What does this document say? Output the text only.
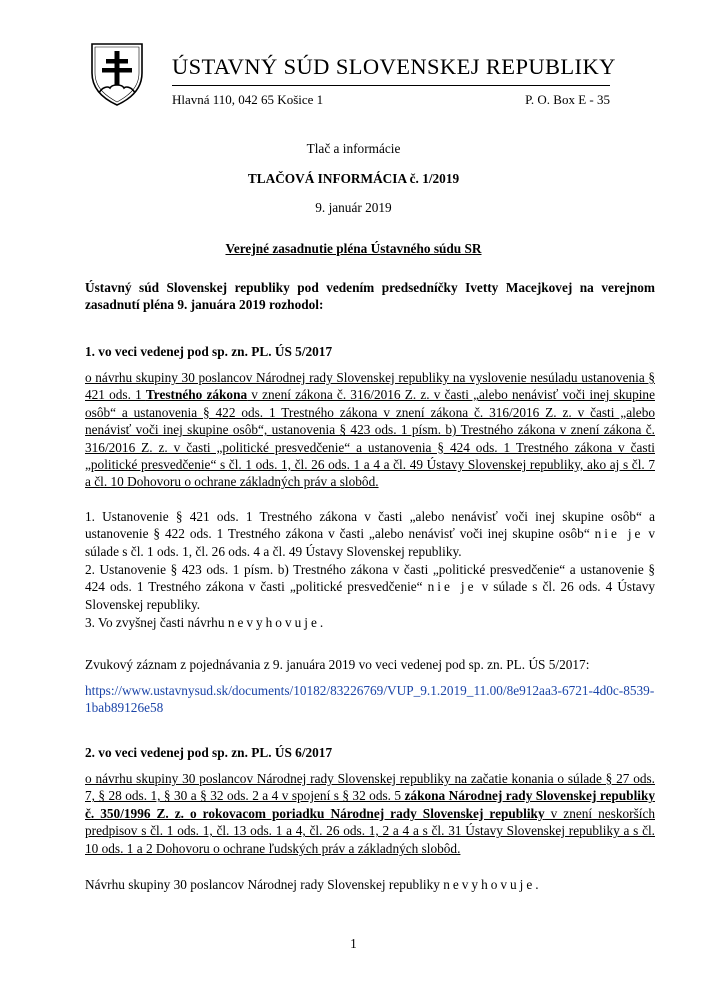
ÚSTAVNÝ SÚD SLOVENSKEJ REPUBLIKY
Hlavná 110, 042 65 Košice 1	P. O. Box E - 35
Tlač a informácie
TLAČOVÁ INFORMÁCIA č. 1/2019
9. január 2019
Verejné zasadnutie pléna Ústavného súdu SR
Ústavný súd Slovenskej republiky pod vedením predsedníčky Ivetty Macejkovej na verejnom zasadnutí pléna 9. januára 2019 rozhodol:
1. vo veci vedenej pod sp. zn. PL. ÚS 5/2017
o návrhu skupiny 30 poslancov Národnej rady Slovenskej republiky na vyslovenie nesúladu ustanovenia § 421 ods. 1 Trestného zákona v znení zákona č. 316/2016 Z. z. v časti „alebo nenávisť voči inej skupine osôb“ a ustanovenia § 422 ods. 1 Trestného zákona v znení zákona č. 316/2016 Z. z. v časti „alebo nenávisť voči inej skupine osôb“, ustanovenia § 423 ods. 1 písm. b) Trestného zákona v znení zákona č. 316/2016 Z. z. v časti „politické presvedčenie“ a ustanovenia § 424 ods. 1 Trestného zákona v časti „politické presvedčenie“ s čl. 1 ods. 1, čl. 26 ods. 1 a 4 a čl. 49 Ústavy Slovenskej republiky, ako aj s čl. 7 a čl. 10 Dohovoru o ochrane základných práv a slobôd.
1. Ustanovenie § 421 ods. 1 Trestného zákona v časti „alebo nenávisť voči inej skupine osôb“ a ustanovenie § 422 ods. 1 Trestného zákona v časti „alebo nenávisť voči inej skupine osôb“ nie je v súlade s čl. 1 ods. 1, čl. 26 ods. 4 a čl. 49 Ústavy Slovenskej republiky.
2. Ustanovenie § 423 ods. 1 písm. b) Trestného zákona v časti „politické presvedčenie“ a ustanovenie § 424 ods. 1 Trestného zákona v časti „politické presvedčenie“ nie je v súlade s čl. 26 ods. 4 Ústavy Slovenskej republiky.
3. Vo zvyšnej časti návrhu nevyhovuje.
Zvukový záznam z pojednávania z 9. januára 2019 vo veci vedenej pod sp. zn. PL. ÚS 5/2017:
https://www.ustavnysud.sk/documents/10182/83226769/VUP_9.1.2019_11.00/8e912aa3-6721-4d0c-8539-1bab89126e58
2. vo veci vedenej pod sp. zn. PL. ÚS 6/2017
o návrhu skupiny 30 poslancov Národnej rady Slovenskej republiky na začatie konania o súlade § 27 ods. 7, § 28 ods. 1, § 30 a § 32 ods. 2 a 4 v spojení s § 32 ods. 5 zákona Národnej rady Slovenskej republiky č. 350/1996 Z. z. o rokovacom poriadku Národnej rady Slovenskej republiky v znení neskorších predpisov s čl. 1 ods. 1, čl. 13 ods. 1 a 4, čl. 26 ods. 1, 2 a 4 a s čl. 31 Ústavy Slovenskej republiky a s čl. 10 ods. 1 a 2 Dohovoru o ochrane ľudských práv a základných slobôd.
Návrhu skupiny 30 poslancov Národnej rady Slovenskej republiky nevyhovuje.
1
